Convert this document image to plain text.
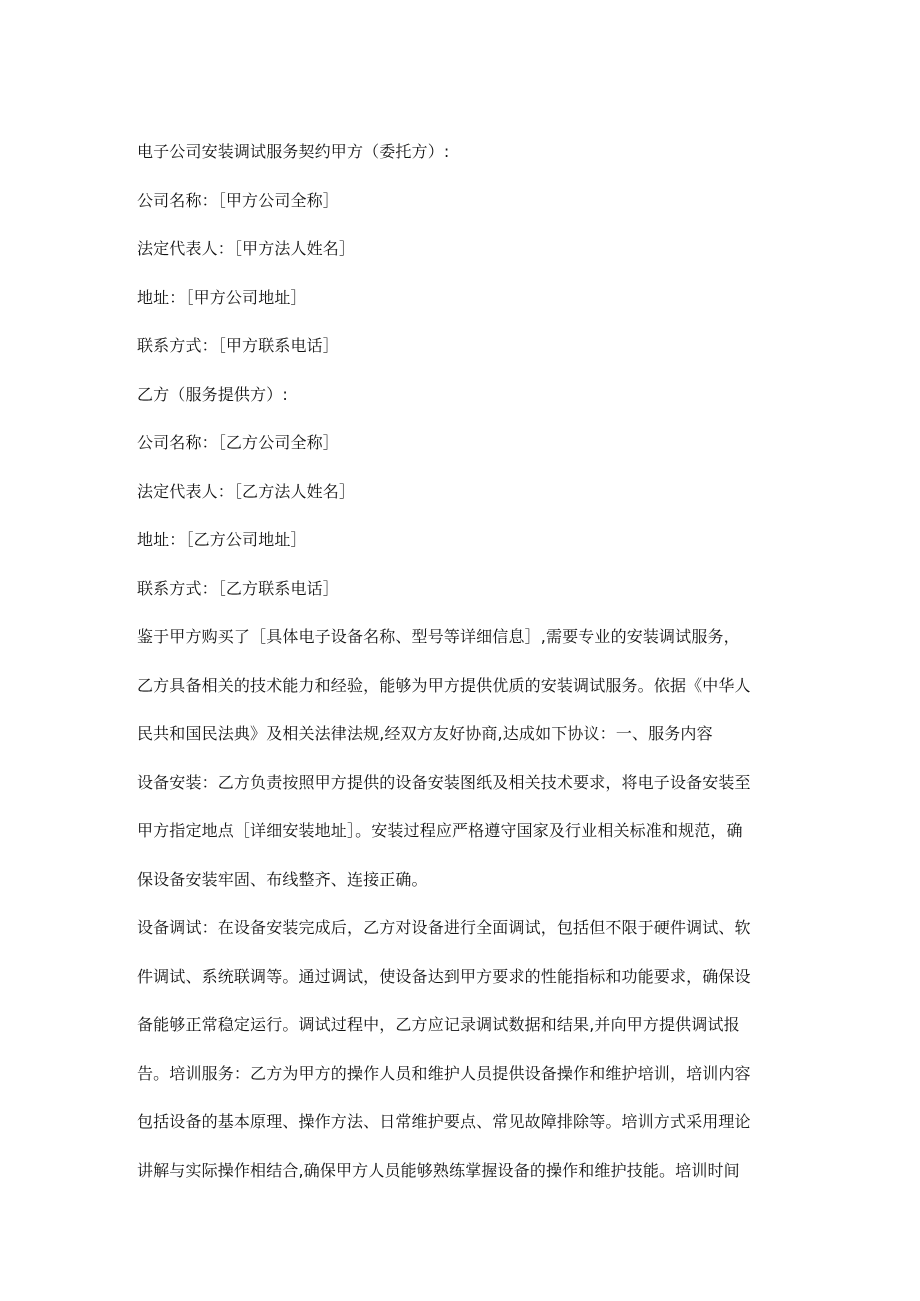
电子公司安装调试服务契约甲方（委托方）:
公司名称：［甲方公司全称］
法定代表人：［甲方法人姓名］
地址：［甲方公司地址］
联系方式：［甲方联系电话］
乙方（服务提供方）:
公司名称：［乙方公司全称］
法定代表人：［乙方法人姓名］
地址：［乙方公司地址］
联系方式：［乙方联系电话］
鉴于甲方购买了［具体电子设备名称、型号等详细信息］,需要专业的安装调试服务，
乙方具备相关的技术能力和经验，能够为甲方提供优质的安装调试服务。依据《中华人
民共和国民法典》及相关法律法规,经双方友好协商,达成如下协议：一、服务内容
设备安装：乙方负责按照甲方提供的设备安装图纸及相关技术要求，将电子设备安装至
甲方指定地点［详细安装地址］。安装过程应严格遵守国家及行业相关标准和规范，确
保设备安装牢固、布线整齐、连接正确。
设备调试：在设备安装完成后，乙方对设备进行全面调试，包括但不限于硬件调试、软
件调试、系统联调等。通过调试，使设备达到甲方要求的性能指标和功能要求，确保设
备能够正常稳定运行。调试过程中，乙方应记录调试数据和结果,并向甲方提供调试报
告。培训服务：乙方为甲方的操作人员和维护人员提供设备操作和维护培训，培训内容
包括设备的基本原理、操作方法、日常维护要点、常见故障排除等。培训方式采用理论
讲解与实际操作相结合,确保甲方人员能够熟练掌握设备的操作和维护技能。培训时间
